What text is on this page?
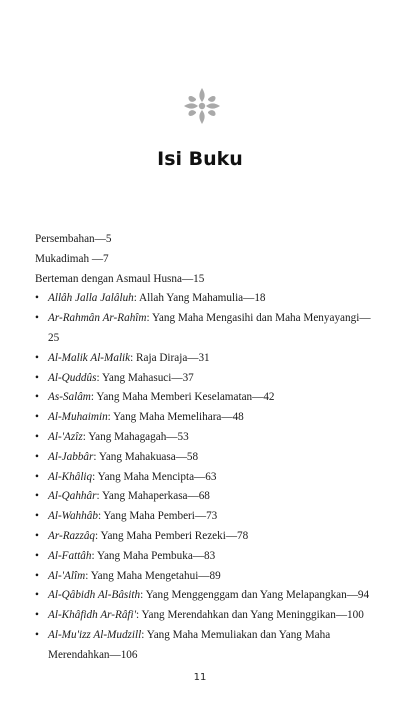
Isi Buku

Persembahan—5

Mukadimah —7

Berteman dengan Asmaul Husna—15

• Allâh Jalla Jalâluh: Allah Yang Mahamulia—18
• Ar-Rahmân Ar-Rahîm: Yang Maha Mengasihi dan Maha Menyayangi—25
• Al-Malik Al-Malik: Raja Diraja—31
• Al-Quddûs: Yang Mahasuci—37
• As-Salâm: Yang Maha Memberi Keselamatan—42
• Al-Muhaimin: Yang Maha Memelihara—48
• Al-'Azîz: Yang Mahagagah—53
• Al-Jabbâr: Yang Mahakuasa—58
• Al-Khâliq: Yang Maha Mencipta—63
• Al-Qahhâr: Yang Mahaperkasa—68
• Al-Wahhâb: Yang Maha Pemberi—73
• Ar-Razzâq: Yang Maha Pemberi Rezeki—78
• Al-Fattâh: Yang Maha Pembuka—83
• Al-'Alîm: Yang Maha Mengetahui—89
• Al-Qâbidh Al-Bâsith: Yang Menggenggam dan Yang Melapangkan—94
• Al-Khâfidh Ar-Râfi': Yang Merendahkan dan Yang Meninggikan—100
• Al-Mu'izz Al-Mudzill: Yang Maha Memuliakan dan Yang Maha Merendahkan—106
11
